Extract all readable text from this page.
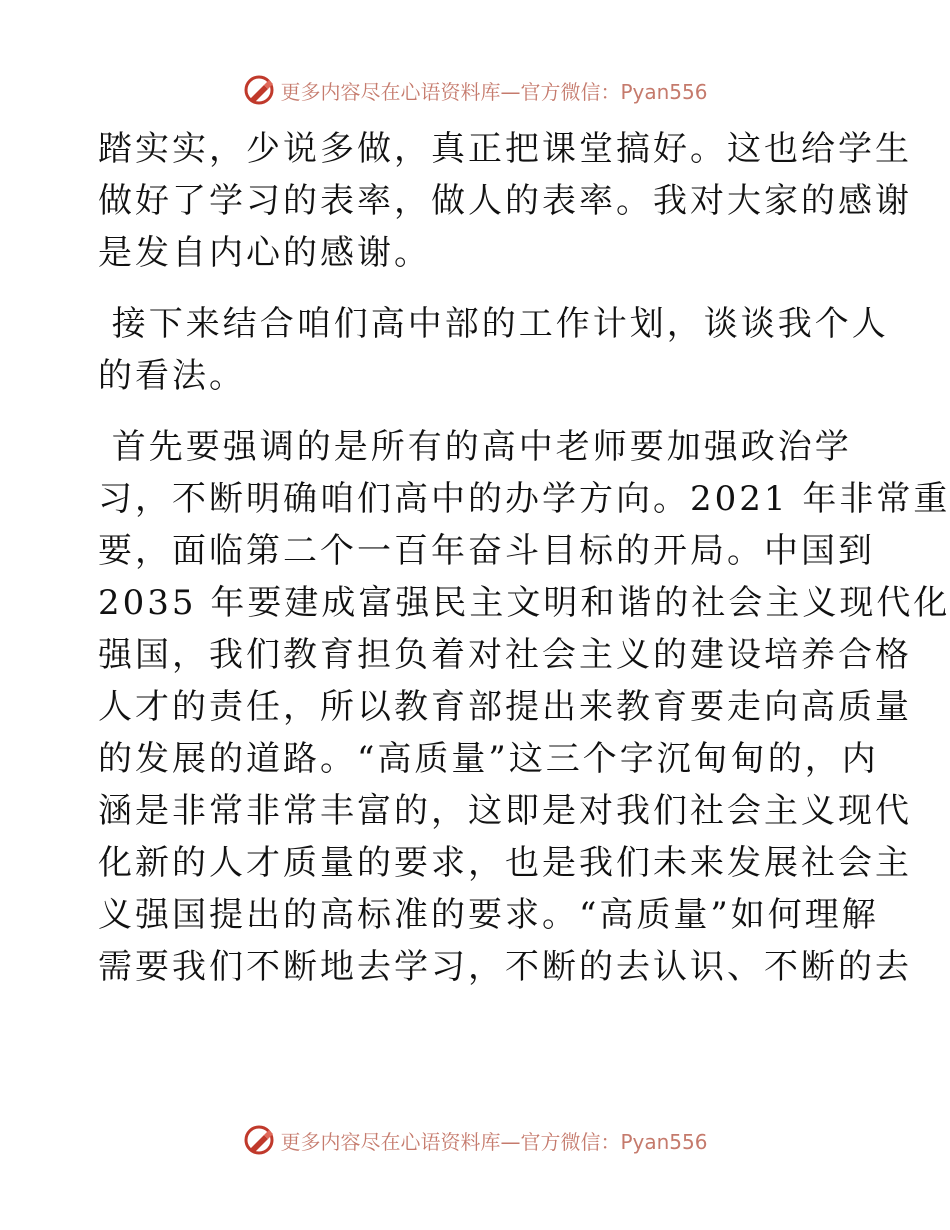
更多内容尽在心语资料库—官方微信：Pyan556
踏实实，少说多做，真正把课堂搞好。这也给学生
做好了学习的表率，做人的表率。我对大家的感谢
是发自内心的感谢。
接下来结合咱们高中部的工作计划，谈谈我个人
的看法。
首先要强调的是所有的高中老师要加强政治学
习，不断明确咱们高中的办学方向。2021 年非常重
要，面临第二个一百年奋斗目标的开局。中国到
2035 年要建成富强民主文明和谐的社会主义现代化
强国，我们教育担负着对社会主义的建设培养合格
人才的责任，所以教育部提出来教育要走向高质量
的发展的道路。“高质量”这三个字沉甸甸的，内
涵是非常非常丰富的，这即是对我们社会主义现代
化新的人才质量的要求，也是我们未来发展社会主
义强国提出的高标准的要求。“高质量”如何理解
需要我们不断地去学习，不断的去认识、不断的去
更多内容尽在心语资料库—官方微信：Pyan556
